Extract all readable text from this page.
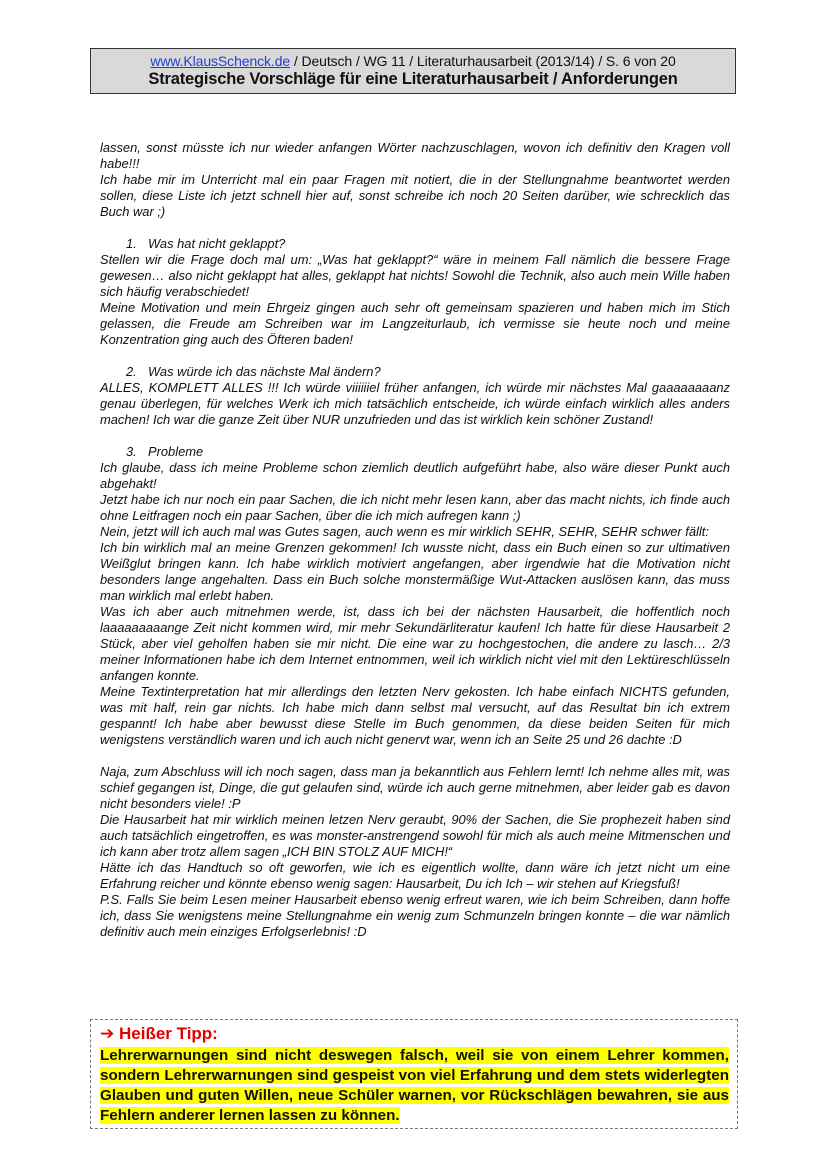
www.KlausSchenck.de / Deutsch / WG 11 / Literaturhausarbeit (2013/14) / S. 6 von 20
Strategische Vorschläge für eine Literaturhausarbeit / Anforderungen

lassen, sonst müsste ich nur wieder anfangen Wörter nachzuschlagen, wovon ich definitiv den Kragen voll habe!!!

Ich habe mir im Unterricht mal ein paar Fragen mit notiert, die in der Stellungnahme beantwortet werden sollen, diese Liste ich jetzt schnell hier auf, sonst schreibe ich noch 20 Seiten darüber, wie schrecklich das Buch war ;)

1. Was hat nicht geklappt?

Stellen wir die Frage doch mal um: „Was hat geklappt?“ wäre in meinem Fall nämlich die bessere Frage gewesen… also nicht geklappt hat alles, geklappt hat nichts! Sowohl die Technik, also auch mein Wille haben sich häufig verabschiedet!

Meine Motivation und mein Ehrgeiz gingen auch sehr oft gemeinsam spazieren und haben mich im Stich gelassen, die Freude am Schreiben war im Langzeiturlaub, ich vermisse sie heute noch und meine Konzentration ging auch des Öfteren baden!

2. Was würde ich das nächste Mal ändern?

ALLES, KOMPLETT ALLES !!! Ich würde viiiiiiel früher anfangen, ich würde mir nächstes Mal gaaaaaaaanz genau überlegen, für welches Werk ich mich tatsächlich entscheide, ich würde einfach wirklich alles anders machen! Ich war die ganze Zeit über NUR unzufrieden und das ist wirklich kein schöner Zustand!

3. Probleme

Ich glaube, dass ich meine Probleme schon ziemlich deutlich aufgeführt habe, also wäre dieser Punkt auch abgehakt!

Jetzt habe ich nur noch ein paar Sachen, die ich nicht mehr lesen kann, aber das macht nichts, ich finde auch ohne Leitfragen noch ein paar Sachen, über die ich mich aufregen kann ;)

Nein, jetzt will ich auch mal was Gutes sagen, auch wenn es mir wirklich SEHR, SEHR, SEHR schwer fällt:

Ich bin wirklich mal an meine Grenzen gekommen! Ich wusste nicht, dass ein Buch einen so zur ultimativen Weißglut bringen kann. Ich habe wirklich motiviert angefangen, aber irgendwie hat die Motivation nicht besonders lange angehalten. Dass ein Buch solche monstermäßige Wut-Attacken auslösen kann, das muss man wirklich mal erlebt haben.

Was ich aber auch mitnehmen werde, ist, dass ich bei der nächsten Hausarbeit, die hoffentlich noch laaaaaaaaange Zeit nicht kommen wird, mir mehr Sekundärliteratur kaufen! Ich hatte für diese Hausarbeit 2 Stück, aber viel geholfen haben sie mir nicht. Die eine war zu hochgestochen, die andere zu lasch… 2/3 meiner Informationen habe ich dem Internet entnommen, weil ich wirklich nicht viel mit den Lektüreschlüsseln anfangen konnte.

Meine Textinterpretation hat mir allerdings den letzten Nerv gekosten. Ich habe einfach NICHTS gefunden, was mit half, rein gar nichts. Ich habe mich dann selbst mal versucht, auf das Resultat bin ich extrem gespannt! Ich habe aber bewusst diese Stelle im Buch genommen, da diese beiden Seiten für mich wenigstens verständlich waren und ich auch nicht genervt war, wenn ich an Seite 25 und 26 dachte :D

Naja, zum Abschluss will ich noch sagen, dass man ja bekanntlich aus Fehlern lernt! Ich nehme alles mit, was schief gegangen ist, Dinge, die gut gelaufen sind, würde ich auch gerne mitnehmen, aber leider gab es davon nicht besonders viele! :P

Die Hausarbeit hat mir wirklich meinen letzen Nerv geraubt, 90% der Sachen, die Sie prophezeit haben sind auch tatsächlich eingetroffen, es was monster-anstrengend sowohl für mich als auch meine Mitmenschen und ich kann aber trotz allem sagen „ICH BIN STOLZ AUF MICH!“

Hätte ich das Handtuch so oft geworfen, wie ich es eigentlich wollte, dann wäre ich jetzt nicht um eine Erfahrung reicher und könnte ebenso wenig sagen: Hausarbeit, Du ich Ich – wir stehen auf Kriegsfuß!

P.S. Falls Sie beim Lesen meiner Hausarbeit ebenso wenig erfreut waren, wie ich beim Schreiben, dann hoffe ich, dass Sie wenigstens meine Stellungnahme ein wenig zum Schmunzeln bringen konnte – die war nämlich definitiv auch mein einziges Erfolgserlebnis! :D

➔ Heißer Tipp:
Lehrerwarnungen sind nicht deswegen falsch, weil sie von einem Lehrer kommen, sondern Lehrerwarnungen sind gespeist von viel Erfahrung und dem stets widerlegten Glauben und guten Willen, neue Schüler warnen, vor Rückschlägen bewahren, sie aus Fehlern anderer lernen lassen zu können.
